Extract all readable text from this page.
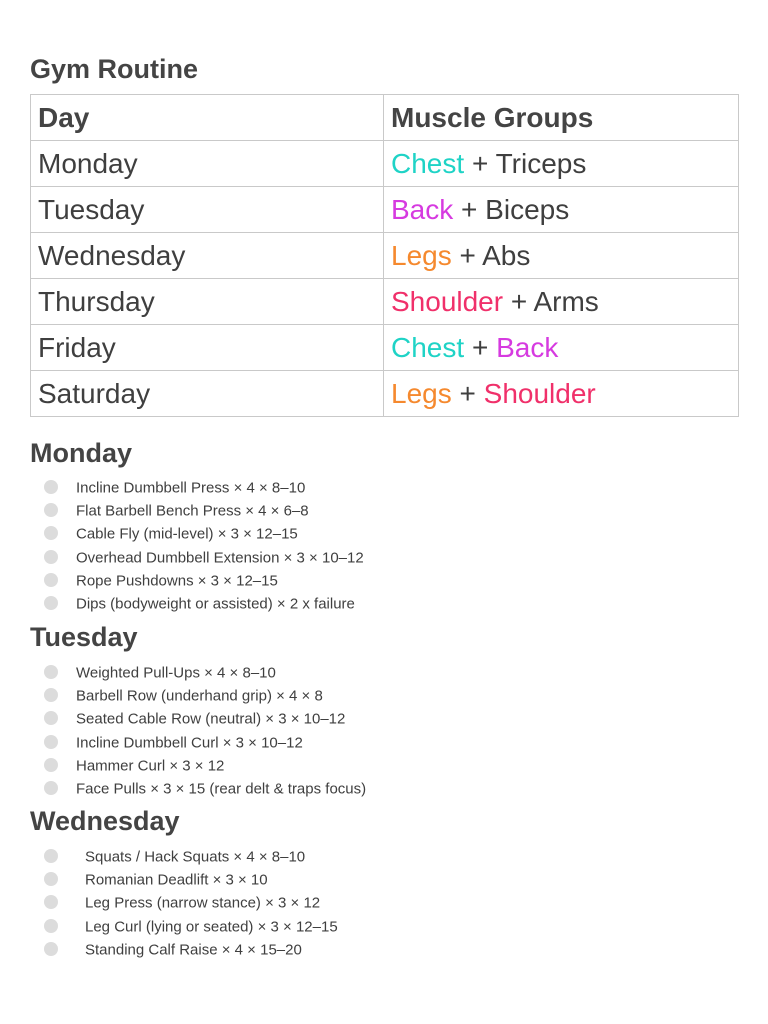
Gym Routine
Day	Muscle Groups
Monday	Chest + Triceps
Tuesday	Back + Biceps
Wednesday	Legs + Abs
Thursday	Shoulder + Arms
Friday	Chest + Back
Saturday	Legs + Shoulder
Monday
Incline Dumbbell Press × 4 × 8–10
Flat Barbell Bench Press × 4 × 6–8
Cable Fly (mid-level) × 3 × 12–15
Overhead Dumbbell Extension × 3 × 10–12
Rope Pushdowns × 3 × 12–15
Dips (bodyweight or assisted) × 2 x failure
Tuesday
Weighted Pull-Ups × 4 × 8–10
Barbell Row (underhand grip) × 4 × 8
Seated Cable Row (neutral) × 3 × 10–12
Incline Dumbbell Curl × 3 × 10–12
Hammer Curl × 3 × 12
Face Pulls × 3 × 15 (rear delt & traps focus)
Wednesday
Squats / Hack Squats × 4 × 8–10
Romanian Deadlift × 3 × 10
Leg Press (narrow stance) × 3 × 12
Leg Curl (lying or seated) × 3 × 12–15
Standing Calf Raise × 4 × 15–20
